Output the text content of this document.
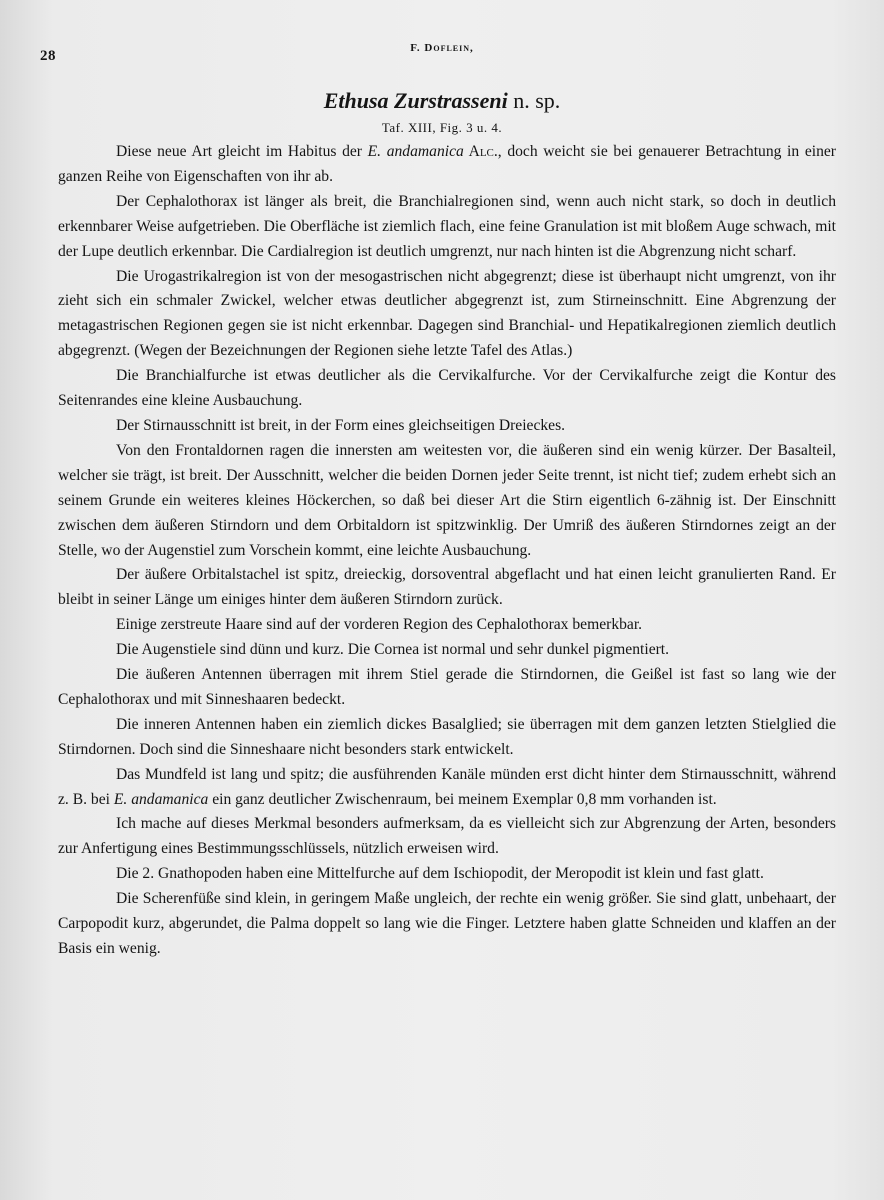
28	F. Doflein,
Ethusa Zurstrasseni n. sp.
Taf. XIII, Fig. 3 u. 4.

Diese neue Art gleicht im Habitus der E. andamanica Alc., doch weicht sie bei genauerer Betrachtung in einer ganzen Reihe von Eigenschaften von ihr ab.

Der Cephalothorax ist länger als breit, die Branchialregionen sind, wenn auch nicht stark, so doch in deutlich erkennbarer Weise aufgetrieben. Die Oberfläche ist ziemlich flach, eine feine Granulation ist mit bloßem Auge schwach, mit der Lupe deutlich erkennbar. Die Cardialregion ist deutlich umgrenzt, nur nach hinten ist die Abgrenzung nicht scharf.

Die Urogastrikalregion ist von der mesogastrischen nicht abgegrenzt; diese ist überhaupt nicht umgrenzt, von ihr zieht sich ein schmaler Zwickel, welcher etwas deutlicher abgegrenzt ist, zum Stirneinschnitt. Eine Abgrenzung der metagastrischen Regionen gegen sie ist nicht erkennbar. Dagegen sind Branchial- und Hepatikalregionen ziemlich deutlich abgegrenzt. (Wegen der Bezeichnungen der Regionen siehe letzte Tafel des Atlas.)

Die Branchialfurche ist etwas deutlicher als die Cervikalfurche. Vor der Cervikalfurche zeigt die Kontur des Seitenrandes eine kleine Ausbauchung.

Der Stirnausschnitt ist breit, in der Form eines gleichseitigen Dreieckes.

Von den Frontaldornen ragen die innersten am weitesten vor, die äußeren sind ein wenig kürzer. Der Basalteil, welcher sie trägt, ist breit. Der Ausschnitt, welcher die beiden Dornen jeder Seite trennt, ist nicht tief; zudem erhebt sich an seinem Grunde ein weiteres kleines Höckerchen, so daß bei dieser Art die Stirn eigentlich 6-zähnig ist. Der Einschnitt zwischen dem äußeren Stirndorn und dem Orbitaldorn ist spitzwinklig. Der Umriß des äußeren Stirndornes zeigt an der Stelle, wo der Augenstiel zum Vorschein kommt, eine leichte Ausbauchung.

Der äußere Orbitalstachel ist spitz, dreieckig, dorsoventral abgeflacht und hat einen leicht granulierten Rand. Er bleibt in seiner Länge um einiges hinter dem äußeren Stirndorn zurück.

Einige zerstreute Haare sind auf der vorderen Region des Cephalothorax bemerkbar.

Die Augenstiele sind dünn und kurz. Die Cornea ist normal und sehr dunkel pigmentiert.

Die äußeren Antennen überragen mit ihrem Stiel gerade die Stirndornen, die Geißel ist fast so lang wie der Cephalothorax und mit Sinneshaaren bedeckt.

Die inneren Antennen haben ein ziemlich dickes Basalglied; sie überragen mit dem ganzen letzten Stielglied die Stirndornen. Doch sind die Sinneshaare nicht besonders stark entwickelt.

Das Mundfeld ist lang und spitz; die ausführenden Kanäle münden erst dicht hinter dem Stirnausschnitt, während z. B. bei E. andamanica ein ganz deutlicher Zwischenraum, bei meinem Exemplar 0,8 mm vorhanden ist.

Ich mache auf dieses Merkmal besonders aufmerksam, da es vielleicht sich zur Abgrenzung der Arten, besonders zur Anfertigung eines Bestimmungsschlüssels, nützlich erweisen wird.

Die 2. Gnathopoden haben eine Mittelfurche auf dem Ischiopodit, der Meropodit ist klein und fast glatt.

Die Scherenfüße sind klein, in geringem Maße ungleich, der rechte ein wenig größer. Sie sind glatt, unbehaart, der Carpopodit kurz, abgerundet, die Palma doppelt so lang wie die Finger. Letztere haben glatte Schneiden und klaffen an der Basis ein wenig.
